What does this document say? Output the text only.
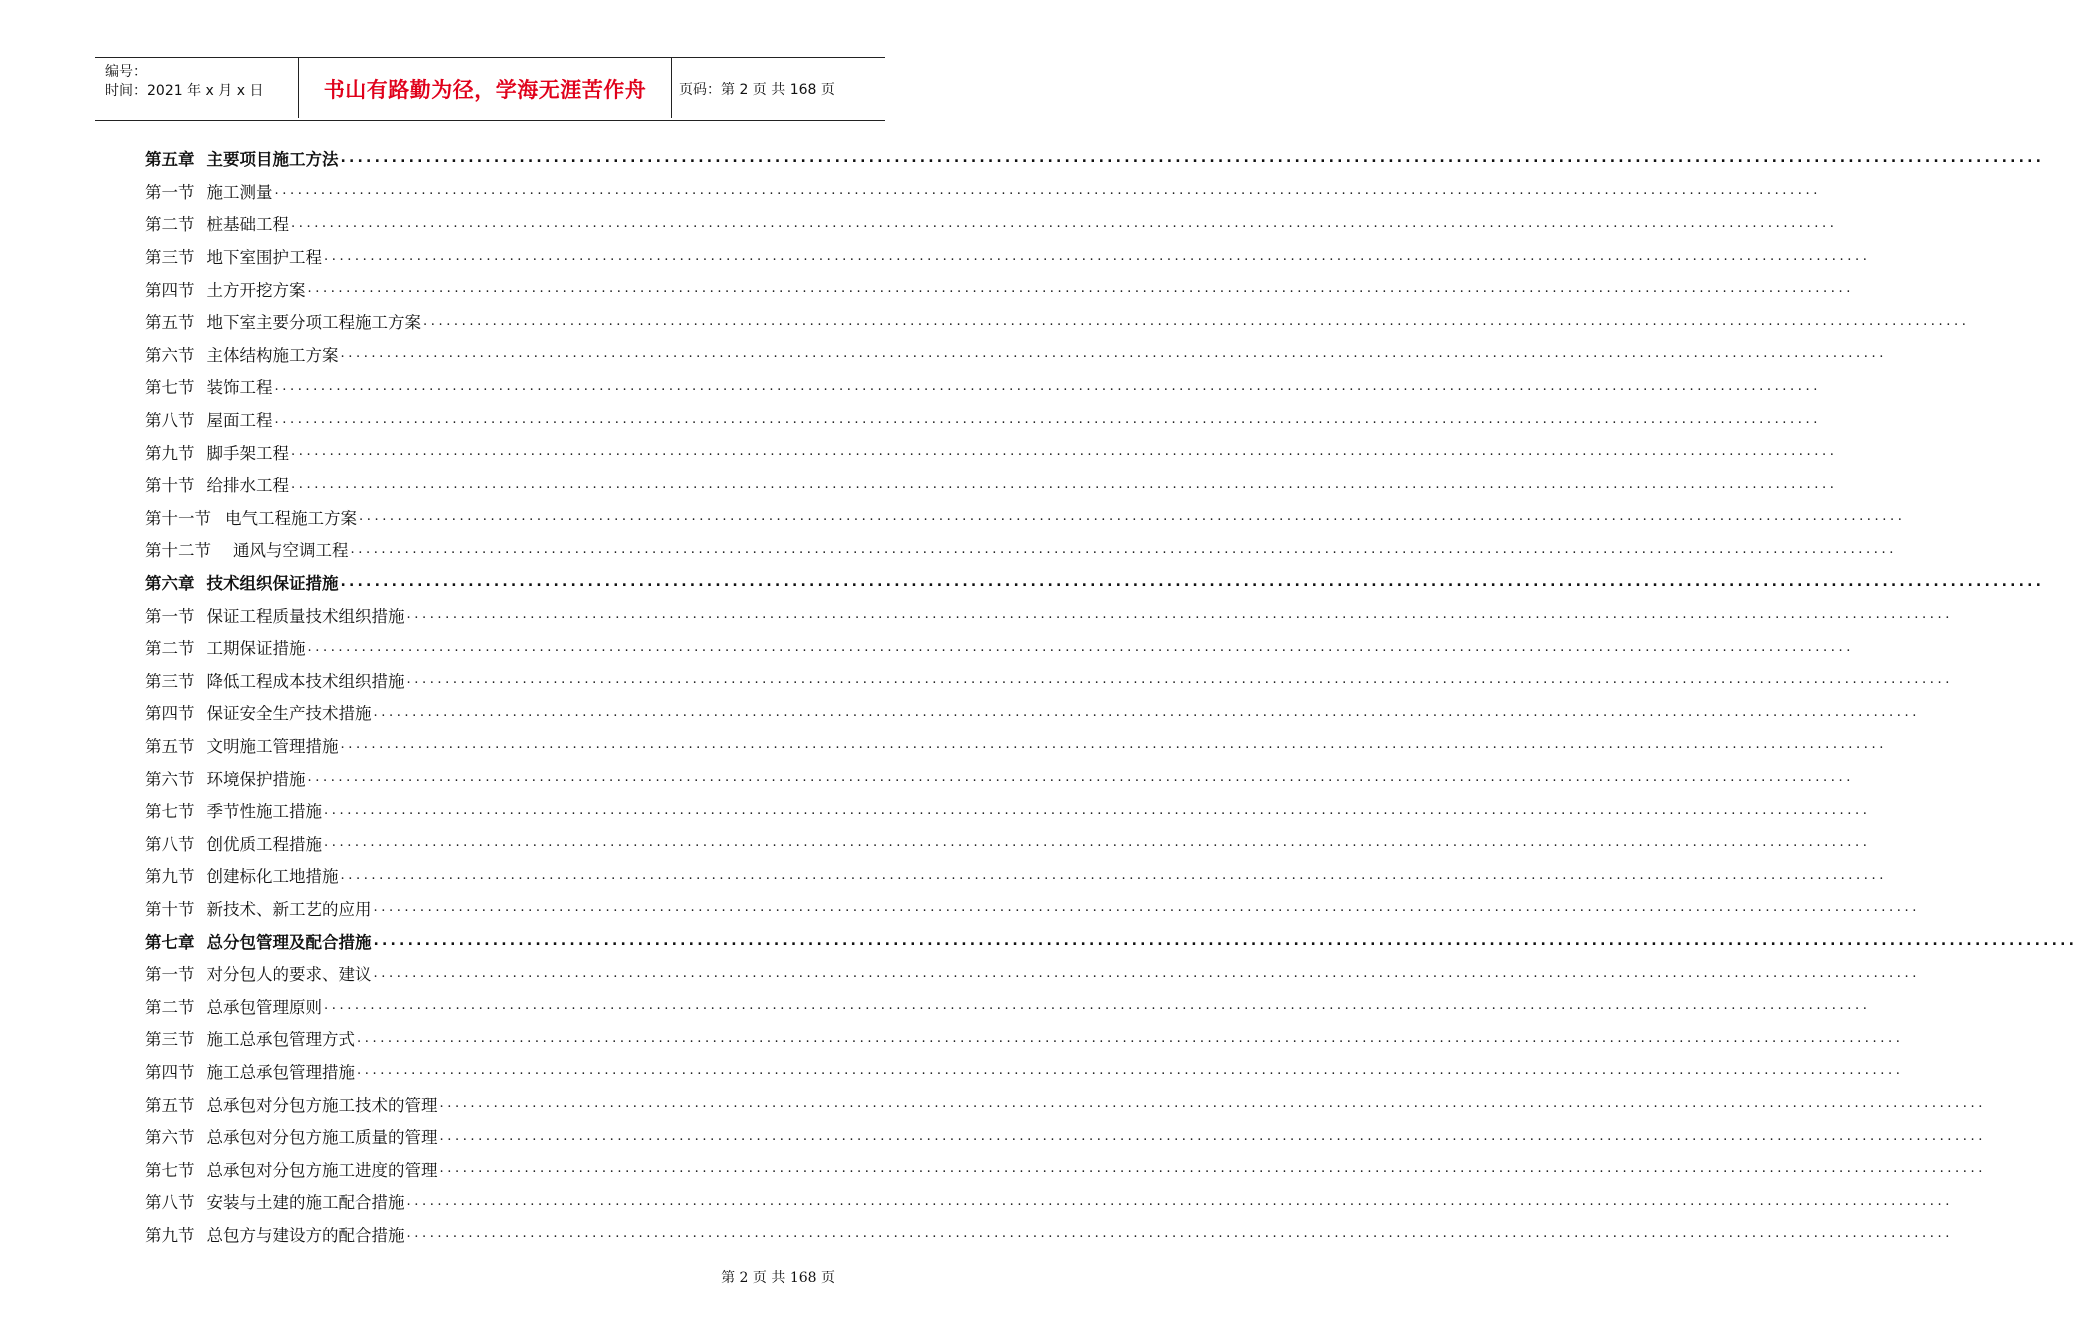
编号：
时间：2021 年 x 月 x 日	书山有路勤为径，学海无涯苦作舟	页码：第 2 页 共 168 页
第五章 主要项目施工方法 ........................................................................................................................................................................................................
第一节 施工测量 ........................................................................................................................................................................................................
第二节 桩基础工程 ........................................................................................................................................................................................................
第三节 地下室围护工程 ........................................................................................................................................................................................................
第四节 土方开挖方案 ........................................................................................................................................................................................................
第五节 地下室主要分项工程施工方案 ........................................................................................................................................................................................................
第六节 主体结构施工方案 ........................................................................................................................................................................................................
第七节 装饰工程 ........................................................................................................................................................................................................
第八节 屋面工程 ........................................................................................................................................................................................................
第九节 脚手架工程 ........................................................................................................................................................................................................
第十节 给排水工程 ........................................................................................................................................................................................................
第十一节 电气工程施工方案 ........................................................................................................................................................................................................
第十二节 通风与空调工程 ........................................................................................................................................................................................................
第六章 技术组织保证措施 ........................................................................................................................................................................................................
第一节 保证工程质量技术组织措施 ........................................................................................................................................................................................................
第二节 工期保证措施 ........................................................................................................................................................................................................
第三节 降低工程成本技术组织措施 ........................................................................................................................................................................................................
第四节 保证安全生产技术措施 ........................................................................................................................................................................................................
第五节 文明施工管理措施 ........................................................................................................................................................................................................
第六节 环境保护措施 ........................................................................................................................................................................................................
第七节 季节性施工措施 ........................................................................................................................................................................................................
第八节 创优质工程措施 ........................................................................................................................................................................................................
第九节 创建标化工地措施 ........................................................................................................................................................................................................
第十节 新技术、新工艺的应用 ........................................................................................................................................................................................................
第七章 总分包管理及配合措施 ........................................................................................................................................................................................................
第一节 对分包人的要求、建议 ........................................................................................................................................................................................................
第二节 总承包管理原则 ........................................................................................................................................................................................................
第三节 施工总承包管理方式 ........................................................................................................................................................................................................
第四节 施工总承包管理措施 ........................................................................................................................................................................................................
第五节 总承包对分包方施工技术的管理 ........................................................................................................................................................................................................
第六节 总承包对分包方施工质量的管理 ........................................................................................................................................................................................................
第七节 总承包对分包方施工进度的管理 ........................................................................................................................................................................................................
第八节 安装与土建的施工配合措施 ........................................................................................................................................................................................................
第九节 总包方与建设方的配合措施 ........................................................................................................................................................................................................
第 2 页 共 168 页
